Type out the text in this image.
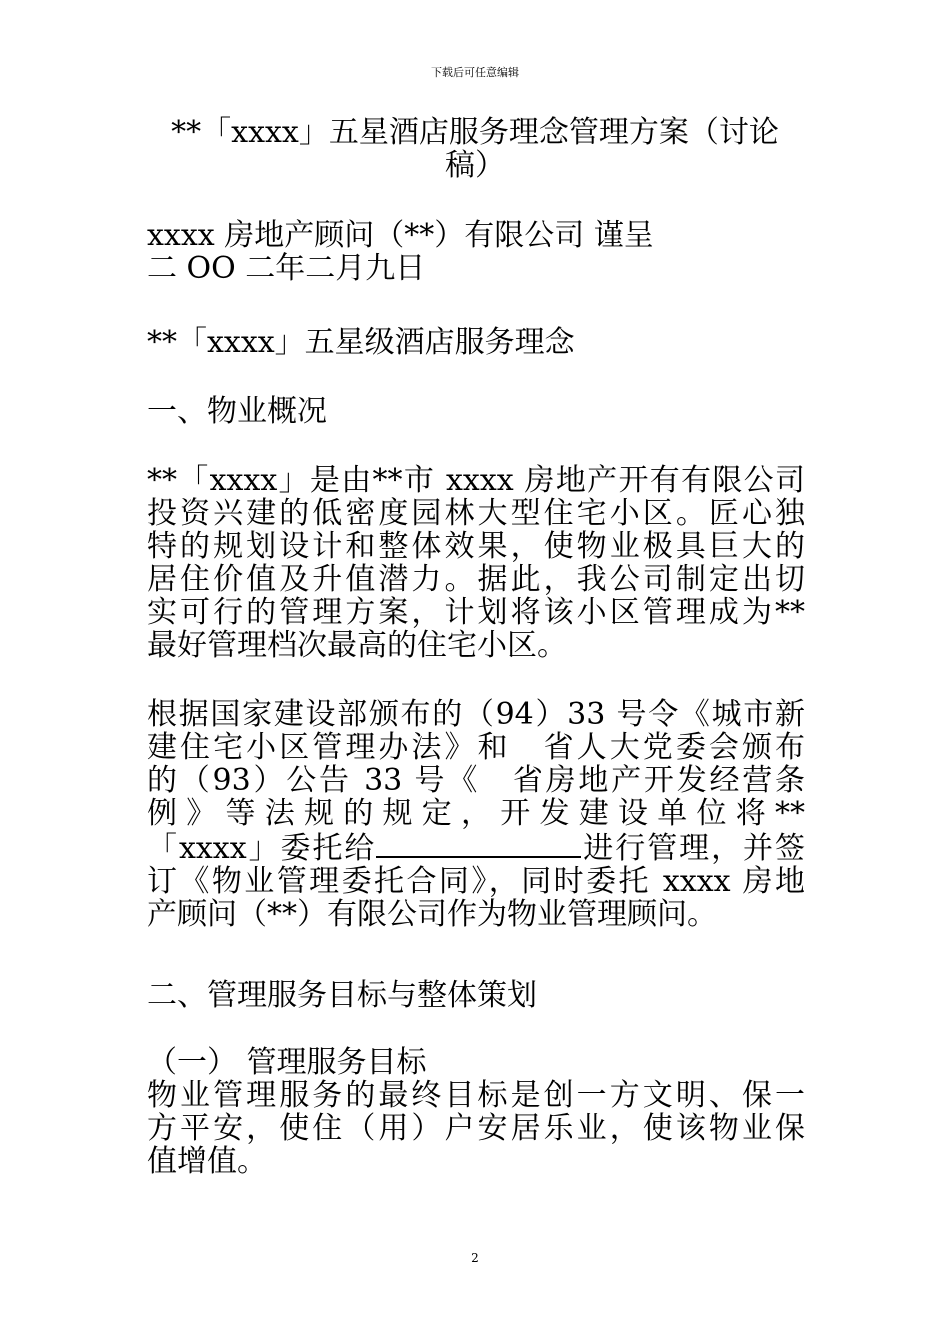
下载后可任意编辑
**「xxxx」五星酒店服务理念管理方案（讨论
稿）
xxxx 房地产顾问（**）有限公司 谨呈
二 OO 二年二月九日
**「xxxx」五星级酒店服务理念
一、物业概况
**「xxxx」是由**市 xxxx 房地产开有有限公司
投资兴建的低密度园林大型住宅小区。匠心独
特的规划设计和整体效果，使物业极具巨大的
居住价值及升值潜力。据此，我公司制定出切
实可行的管理方案，计划将该小区管理成为**
最好管理档次最高的住宅小区。
根据国家建设部颁布的（94）33 号令《城市新
建住宅小区管理办法》和　省人大党委会颁布
的（93）公告 33 号《　省房地产开发经营条
例》等法规的规定，开发建设单位将**
「xxxx」委托给	进行管理，并签
订《物业管理委托合同》，同时委托 xxxx 房地
产顾问（**）有限公司作为物业管理顾问。
二、管理服务目标与整体策划
（一） 管理服务目标
物业管理服务的最终目标是创一方文明、保一
方平安，使住（用）户安居乐业，使该物业保
值增值。
2
